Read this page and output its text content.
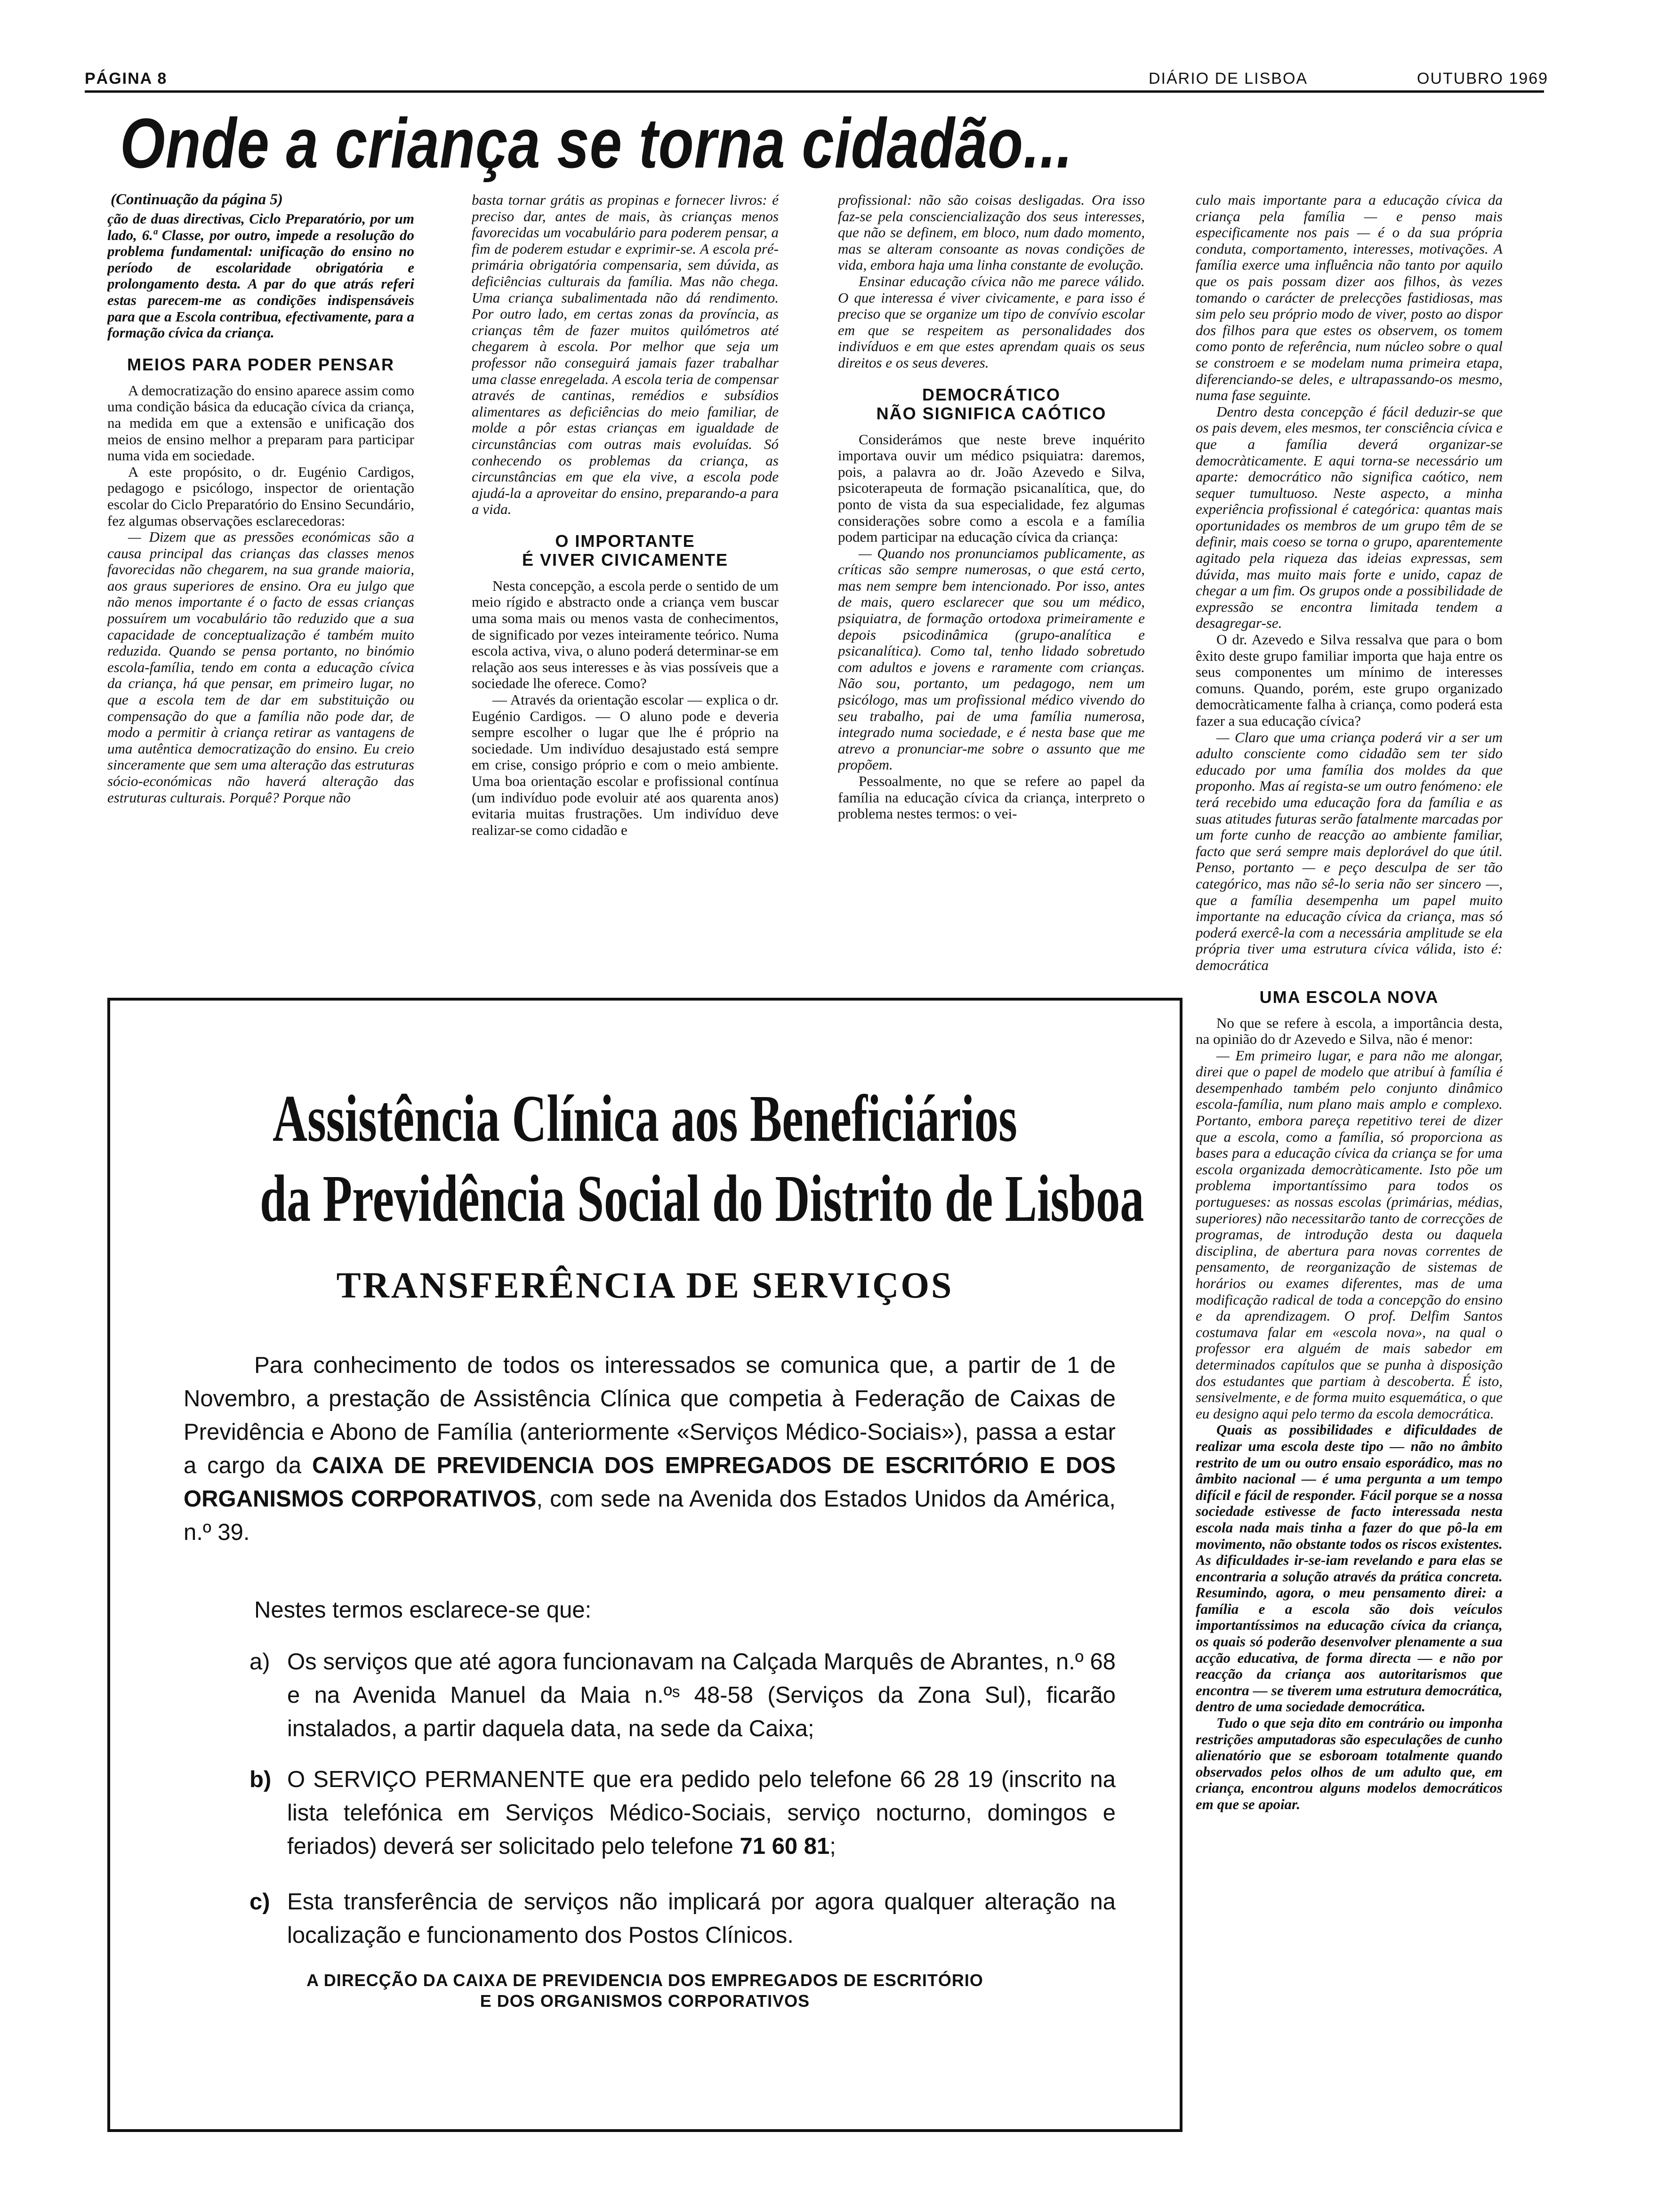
PÁGINA 8	DIÁRIO DE LISBOA	OUTUBRO 1969
Onde a criança se torna cidadão...
(Continuação da página 5)

ção de duas directivas, Ciclo Preparatório, por um lado, 6.ª Classe, por outro, impede a resolução do problema fundamental: unificação do ensino no período de escolaridade obrigatória e prolongamento desta. A par do que atrás referi estas parecem-me as condições indispensáveis para que a Escola contribua, efectivamente, para a formação cívica da criança.

MEIOS PARA PODER PENSAR

A democratização do ensino aparece assim como uma condição básica da educação cívica da criança, na medida em que a extensão e unificação dos meios de ensino melhor a preparam para participar numa vida em sociedade.

A este propósito, o dr. Eugénio Cardigos, pedagogo e psicólogo, inspector de orientação escolar do Ciclo Preparatório do Ensino Secundário, fez algumas observações esclarecedoras:

— Dizem que as pressões económicas são a causa principal das crianças das classes menos favorecidas não chegarem, na sua grande maioria, aos graus superiores de ensino. Ora eu julgo que não menos importante é o facto de essas crianças possuírem um vocabulário tão reduzido que a sua capacidade de conceptualização é também muito reduzida. Quando se pensa portanto, no binómio escola-família, tendo em conta a educação cívica da criança, há que pensar, em primeiro lugar, no que a escola tem de dar em substituição ou compensação do que a família não pode dar, de modo a permitir à criança retirar as vantagens de uma autêntica democratização do ensino. Eu creio sinceramente que sem uma alteração das estruturas sócio-económicas não haverá alteração das estruturas culturais. Porquê? Porque não

basta tornar grátis as propinas e fornecer livros: é preciso dar, antes de mais, às crianças menos favorecidas um vocabulário para poderem pensar, a fim de poderem estudar e exprimir-se. A escola pré-primária obrigatória compensaria, sem dúvida, as deficiências culturais da família. Mas não chega. Uma criança subalimentada não dá rendimento. Por outro lado, em certas zonas da província, as crianças têm de fazer muitos quilómetros até chegarem à escola. Por melhor que seja um professor não conseguirá jamais fazer trabalhar uma classe enregelada. A escola teria de compensar através de cantinas, remédios e subsídios alimentares as deficiências do meio familiar, de molde a pôr estas crianças em igualdade de circunstâncias com outras mais evoluídas. Só conhecendo os problemas da criança, as circunstâncias em que ela vive, a escola pode ajudá-la a aproveitar do ensino, preparando-a para a vida.

O IMPORTANTE
É VIVER CIVICAMENTE

Nesta concepção, a escola perde o sentido de um meio rígido e abstracto onde a criança vem buscar uma soma mais ou menos vasta de conhecimentos, de significado por vezes inteiramente teórico. Numa escola activa, viva, o aluno poderá determinar-se em relação aos seus interesses e às vias possíveis que a sociedade lhe oferece. Como?

— Através da orientação escolar — explica o dr. Eugénio Cardigos. — O aluno pode e deveria sempre escolher o lugar que lhe é próprio na sociedade. Um indivíduo desajustado está sempre em crise, consigo próprio e com o meio ambiente. Uma boa orientação escolar e profissional contínua (um indivíduo pode evoluir até aos quarenta anos) evitaria muitas frustrações. Um indivíduo deve realizar-se como cidadão e

profissional: não são coisas desligadas. Ora isso faz-se pela consciencialização dos seus interesses, que não se definem, em bloco, num dado momento, mas se alteram consoante as novas condições de vida, embora haja uma linha constante de evolução.

Ensinar educação cívica não me parece válido. O que interessa é viver civicamente, e para isso é preciso que se organize um tipo de convívio escolar em que se respeitem as personalidades dos indivíduos e em que estes aprendam quais os seus direitos e os seus deveres.

DEMOCRÁTICO
NÃO SIGNIFICA CAÓTICO

Considerámos que neste breve inquérito importava ouvir um médico psiquiatra: daremos, pois, a palavra ao dr. João Azevedo e Silva, psicoterapeuta de formação psicanalítica, que, do ponto de vista da sua especialidade, fez algumas considerações sobre como a escola e a família podem participar na educação cívica da criança:

— Quando nos pronunciamos publicamente, as críticas são sempre numerosas, o que está certo, mas nem sempre bem intencionado. Por isso, antes de mais, quero esclarecer que sou um médico, psiquiatra, de formação ortodoxa primeiramente e depois psicodinâmica (grupo-analítica e psicanalítica). Como tal, tenho lidado sobretudo com adultos e jovens e raramente com crianças. Não sou, portanto, um pedagogo, nem um psicólogo, mas um profissional médico vivendo do seu trabalho, pai de uma família numerosa, integrado numa sociedade, e é nesta base que me atrevo a pronunciar-me sobre o assunto que me propõem.

Pessoalmente, no que se refere ao papel da família na educação cívica da criança, interpreto o problema nestes termos: o vei-

culo mais importante para a educação cívica da criança pela família — e penso mais especificamente nos pais — é o da sua própria conduta, comportamento, interesses, motivações. A família exerce uma influência não tanto por aquilo que os pais possam dizer aos filhos, às vezes tomando o carácter de prelecções fastidiosas, mas sim pelo seu próprio modo de viver, posto ao dispor dos filhos para que estes os observem, os tomem como ponto de referência, num núcleo sobre o qual se constroem e se modelam numa primeira etapa, diferenciando-se deles, e ultrapassando-os mesmo, numa fase seguinte.

Dentro desta concepção é fácil deduzir-se que os pais devem, eles mesmos, ter consciência cívica e que a família deverá organizar-se democràticamente. E aqui torna-se necessário um aparte: democrático não significa caótico, nem sequer tumultuoso. Neste aspecto, a minha experiência profissional é categórica: quantas mais oportunidades os membros de um grupo têm de se definir, mais coeso se torna o grupo, aparentemente agitado pela riqueza das ideias expressas, sem dúvida, mas muito mais forte e unido, capaz de chegar a um fim. Os grupos onde a possibilidade de expressão se encontra limitada tendem a desagregar-se.

O dr. Azevedo e Silva ressalva que para o bom êxito deste grupo familiar importa que haja entre os seus componentes um mínimo de interesses comuns. Quando, porém, este grupo organizado democràticamente falha à criança, como poderá esta fazer a sua educação cívica?

— Claro que uma criança poderá vir a ser um adulto consciente como cidadão sem ter sido educado por uma família dos moldes da que proponho. Mas aí regista-se um outro fenómeno: ele terá recebido uma educação fora da família e as suas atitudes futuras serão fatalmente marcadas por um forte cunho de reacção ao ambiente familiar, facto que será sempre mais deplorável do que útil. Penso, portanto — e peço desculpa de ser tão categórico, mas não sê-lo seria não ser sincero —, que a família desempenha um papel muito importante na educação cívica da criança, mas só poderá exercê-la com a necessária amplitude se ela própria tiver uma estrutura cívica válida, isto é: democrática

UMA ESCOLA NOVA

No que se refere à escola, a importância desta, na opinião do dr Azevedo e Silva, não é menor:

— Em primeiro lugar, e para não me alongar, direi que o papel de modelo que atribuí à família é desempenhado também pelo conjunto dinâmico escola-família, num plano mais amplo e complexo. Portanto, embora pareça repetitivo terei de dizer que a escola, como a família, só proporciona as bases para a educação cívica da criança se for uma escola organizada democràticamente. Isto põe um problema importantíssimo para todos os portugueses: as nossas escolas (primárias, médias, superiores) não necessitarão tanto de correcções de programas, de introdução desta ou daquela disciplina, de abertura para novas correntes de pensamento, de reorganização de sistemas de horários ou exames diferentes, mas de uma modificação radical de toda a concepção do ensino e da aprendizagem. O prof. Delfim Santos costumava falar em «escola nova», na qual o professor era alguém de mais sabedor em determinados capítulos que se punha à disposição dos estudantes que partiam à descoberta. É isto, sensivelmente, e de forma muito esquemática, o que eu designo aqui pelo termo da escola democrática.

Quais as possibilidades e dificuldades de realizar uma escola deste tipo — não no âmbito restrito de um ou outro ensaio esporádico, mas no âmbito nacional — é uma pergunta a um tempo difícil e fácil de responder. Fácil porque se a nossa sociedade estivesse de facto interessada nesta escola nada mais tinha a fazer do que pô-la em movimento, não obstante todos os riscos existentes. As dificuldades ir-se-iam revelando e para elas se encontraria a solução através da prática concreta. Resumindo, agora, o meu pensamento direi: a família e a escola são dois veículos importantíssimos na educação cívica da criança, os quais só poderão desenvolver plenamente a sua acção educativa, de forma directa — e não por reacção da criança aos autoritarismos que encontra — se tiverem uma estrutura democrática, dentro de uma sociedade democrática.

Tudo o que seja dito em contrário ou imponha restrições amputadoras são especulações de cunho alienatório que se esboroam totalmente quando observados pelos olhos de um adulto que, em criança, encontrou alguns modelos democráticos em que se apoiar.

Assistência Clínica aos Beneficiários
da Previdência Social do Distrito de Lisboa
TRANSFERÊNCIA DE SERVIÇOS
Para conhecimento de todos os interessados se comunica que, a partir de 1 de Novembro, a prestação de Assistência Clínica que competia à Federação de Caixas de Previdência e Abono de Família (anteriormente «Serviços Médico-Sociais»), passa a estar a cargo da CAIXA DE PREVIDENCIA DOS EMPREGADOS DE ESCRITÓRIO E DOS ORGANISMOS CORPORATIVOS, com sede na Avenida dos Estados Unidos da América, n.º 39.
Nestes termos esclarece-se que:
a) Os serviços que até agora funcionavam na Calçada Marquês de Abrantes, n.º 68 e na Avenida Manuel da Maia n.ºˢ 48-58 (Serviços da Zona Sul), ficarão instalados, a partir daquela data, na sede da Caixa;
b) O SERVIÇO PERMANENTE que era pedido pelo telefone 66 28 19 (inscrito na lista telefónica em Serviços Médico-Sociais, serviço nocturno, domingos e feriados) deverá ser solicitado pelo telefone 71 60 81;
c) Esta transferência de serviços não implicará por agora qualquer alteração na localização e funcionamento dos Postos Clínicos.
A DIRECÇÃO DA CAIXA DE PREVIDENCIA DOS EMPREGADOS DE ESCRITÓRIO
E DOS ORGANISMOS CORPORATIVOS
